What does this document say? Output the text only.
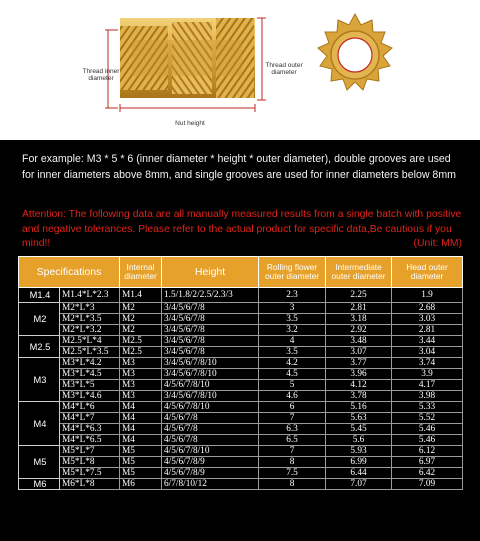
Thread inner diameter
Thread outer diameter
Nut height
For example: M3 * 5 * 6 (inner diameter * height * outer diameter), double grooves are used for inner diameters above 8mm, and single grooves are used for inner diameters below 8mm
Attention: The following data are all manually measured results from a single batch with positive and negative tolerances. Please refer to the actual product for specific data,Be cautious if you mind!!	(Unit: MM)
Specifications		Internal diameter	Height	Rolling flower outer diameter	Intermediate outer diameter	Head outer diameter
M1.4	M1.4*L*2.3	M1.4	1.5/1.8/2/2.5/2.3/3	2.3	2.25	1.9
M2	M2*L*3	M2	3/4/5/6/7/8	3	2.81	2.68
	M2*L*3.5	M2	3/4/5/6/7/8	3.5	3.18	3.03
	M2*L*3.2	M2	3/4/5/6/7/8	3.2	2.92	2.81
M2.5	M2.5*L*4	M2.5	3/4/5/6/7/8	4	3.48	3.44
	M2.5*L*3.5	M2.5	3/4/5/6/7/8	3.5	3.07	3.04
M3	M3*L*4.2	M3	3/4/5/6/7/8/10	4.2	3.77	3.74
	M3*L*4.5	M3	3/4/5/6/7/8/10	4.5	3.96	3.9
	M3*L*5	M3	4/5/6/7/8/10	5	4.12	4.17
	M3*L*4.6	M3	3/4/5/6/7/8/10	4.6	3.78	3.98
M4	M4*L*6	M4	4/5/6/7/8/10	6	5.16	5.33
	M4*L*7	M4	4/5/6/7/8	7	5.63	5.52
	M4*L*6.3	M4	4/5/6/7/8	6.3	5.45	5.46
	M4*L*6.5	M4	4/5/6/7/8	6.5	5.6	5.46
M5	M5*L*7	M5	4/5/6/7/8/10	7	5.93	6.12
	M5*L*8	M5	4/5/6/7/8/9	8	6.99	6.97
	M5*L*7.5	M5	4/5/6/7/8/9	7.5	6.44	6.42
M6	M6*L*8	M6	6/7/8/10/12	8	7.07	7.09
